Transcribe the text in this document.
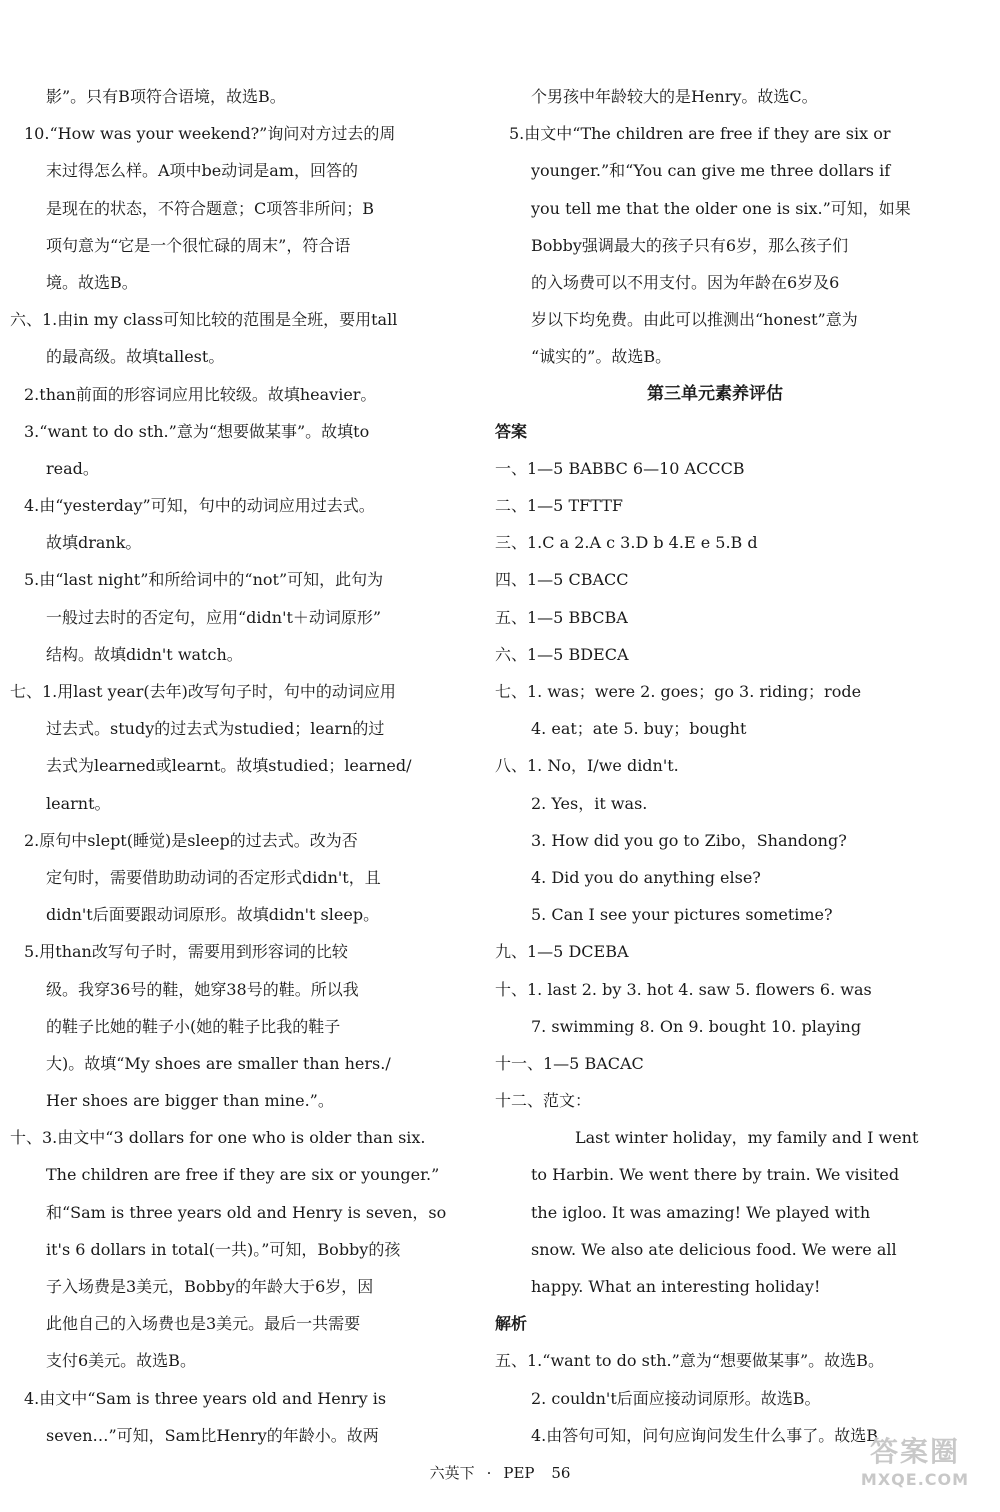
影”。只有B项符合语境，故选B。
10.“How was your weekend?”询问对方过去的周
末过得怎么样。A项中be动词是am，回答的
是现在的状态，不符合题意；C项答非所问；B
项句意为“它是一个很忙碌的周末”，符合语
境。故选B。
六、1.由in my class可知比较的范围是全班，要用tall
的最高级。故填tallest。
2.than前面的形容词应用比较级。故填heavier。
3.“want to do sth.”意为“想要做某事”。故填to
read。
4.由“yesterday”可知，句中的动词应用过去式。
故填drank。
5.由“last night”和所给词中的“not”可知，此句为
一般过去时的否定句，应用“didn't＋动词原形”
结构。故填didn't watch。
七、1.用last year(去年)改写句子时，句中的动词应用
过去式。study的过去式为studied；learn的过
去式为learned或learnt。故填studied；learned/
learnt。
2.原句中slept(睡觉)是sleep的过去式。改为否
定句时，需要借助助动词的否定形式didn't，且
didn't后面要跟动词原形。故填didn't sleep。
5.用than改写句子时，需要用到形容词的比较
级。我穿36号的鞋，她穿38号的鞋。所以我
的鞋子比她的鞋子小(她的鞋子比我的鞋子
大)。故填“My shoes are smaller than hers./
Her shoes are bigger than mine.”。
十、3.由文中“3 dollars for one who is older than six.
The children are free if they are six or younger.”
和“Sam is three years old and Henry is seven，so
it's 6 dollars in total(一共)。”可知，Bobby的孩
子入场费是3美元，Bobby的年龄大于6岁，因
此他自己的入场费也是3美元。最后一共需要
支付6美元。故选B。
4.由文中“Sam is three years old and Henry is
seven…”可知，Sam比Henry的年龄小。故两
个男孩中年龄较大的是Henry。故选C。
5.由文中“The children are free if they are six or
younger.”和“You can give me three dollars if
you tell me that the older one is six.”可知，如果
Bobby强调最大的孩子只有6岁，那么孩子们
的入场费可以不用支付。因为年龄在6岁及6
岁以下均免费。由此可以推测出“honest”意为
“诚实的”。故选B。
第三单元素养评估
答案
一、1—5 BABBC 6—10 ACCCB
二、1—5 TFTTF
三、1.C a 2.A c 3.D b 4.E e 5.B d
四、1—5 CBACC
五、1—5 BBCBA
六、1—5 BDECA
七、1. was；were 2. goes；go 3. riding；rode
4. eat；ate 5. buy；bought
八、1. No，I/we didn't.
2. Yes，it was.
3. How did you go to Zibo，Shandong?
4. Did you do anything else?
5. Can I see your pictures sometime?
九、1—5 DCEBA
十、1. last 2. by 3. hot 4. saw 5. flowers 6. was
7. swimming 8. On 9. bought 10. playing
十一、1—5 BACAC
十二、范文：
Last winter holiday，my family and I went
to Harbin. We went there by train. We visited
the igloo. It was amazing! We played with
snow. We also ate delicious food. We were all
happy. What an interesting holiday!
解析
五、1.“want to do sth.”意为“想要做某事”。故选B。
2. couldn't后面应接动词原形。故选B。
4.由答句可知，问句应询问发生什么事了。故选B
六英下 · PEP 56
答案圈
MXQE.COM
